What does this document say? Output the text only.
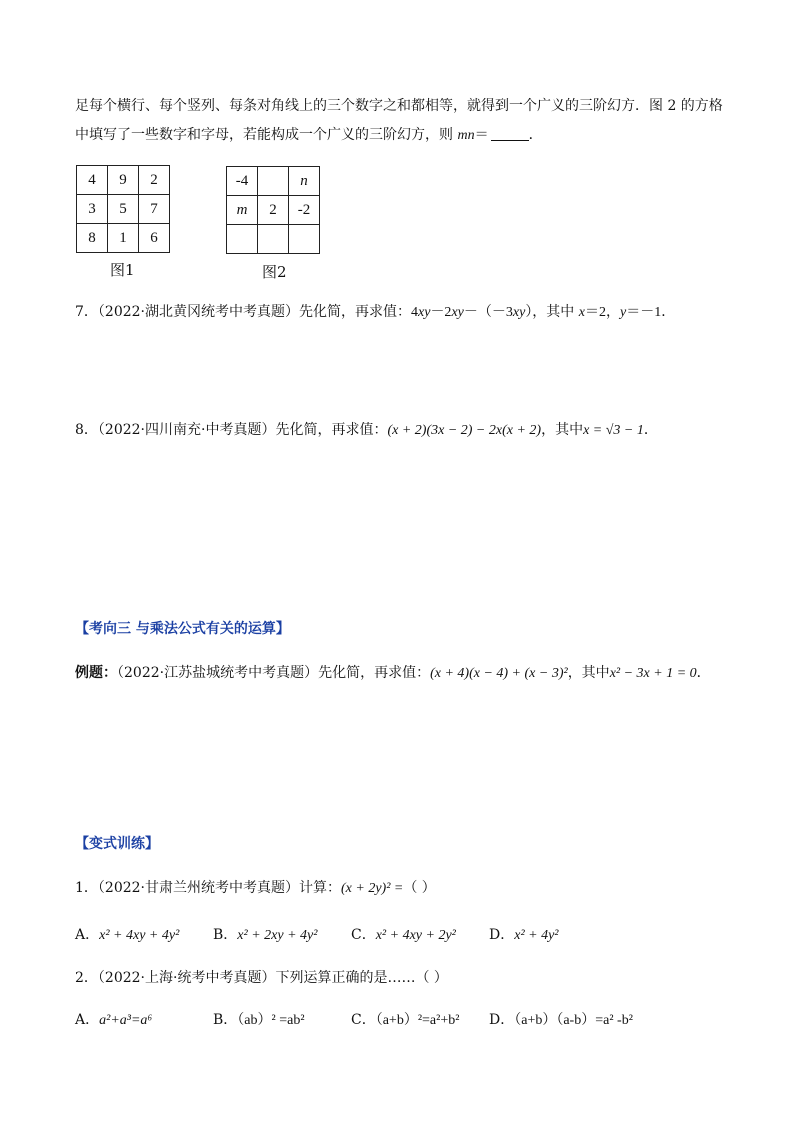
足每个横行、每个竖列、每条对角线上的三个数字之和都相等，就得到一个广义的三阶幻方．图 2 的方格
中填写了一些数字和字母，若能构成一个广义的三阶幻方，则 mn＝	．
4	9	2
3	5	7
8	1	6
图1
-4		n
m	2	-2

图2
7．（2022·湖北黄冈统考中考真题）先化简，再求值：4xy－2xy－（－3xy），其中 x＝2，y＝－1．
8．（2022·四川南充·中考真题）先化简，再求值：(x + 2)(3x − 2) − 2x(x + 2)，其中x = √3 − 1．
【考向三 与乘法公式有关的运算】
例题：（2022·江苏盐城统考中考真题）先化简，再求值：(x + 4)(x − 4) + (x − 3)²，其中x² − 3x + 1 = 0．
【变式训练】
1．（2022·甘肃兰州统考中考真题）计算：(x + 2y)² =（ ）
A．x² + 4xy + 4y² B．x² + 2xy + 4y² C．x² + 4xy + 2y² D．x² + 4y²
2．（2022·上海·统考中考真题）下列运算正确的是……（ ）
A．a²+a³=a⁶	B．（ab）² =ab²	C．（a+b）²=a²+b² D．（a+b）（a-b）=a² -b²
